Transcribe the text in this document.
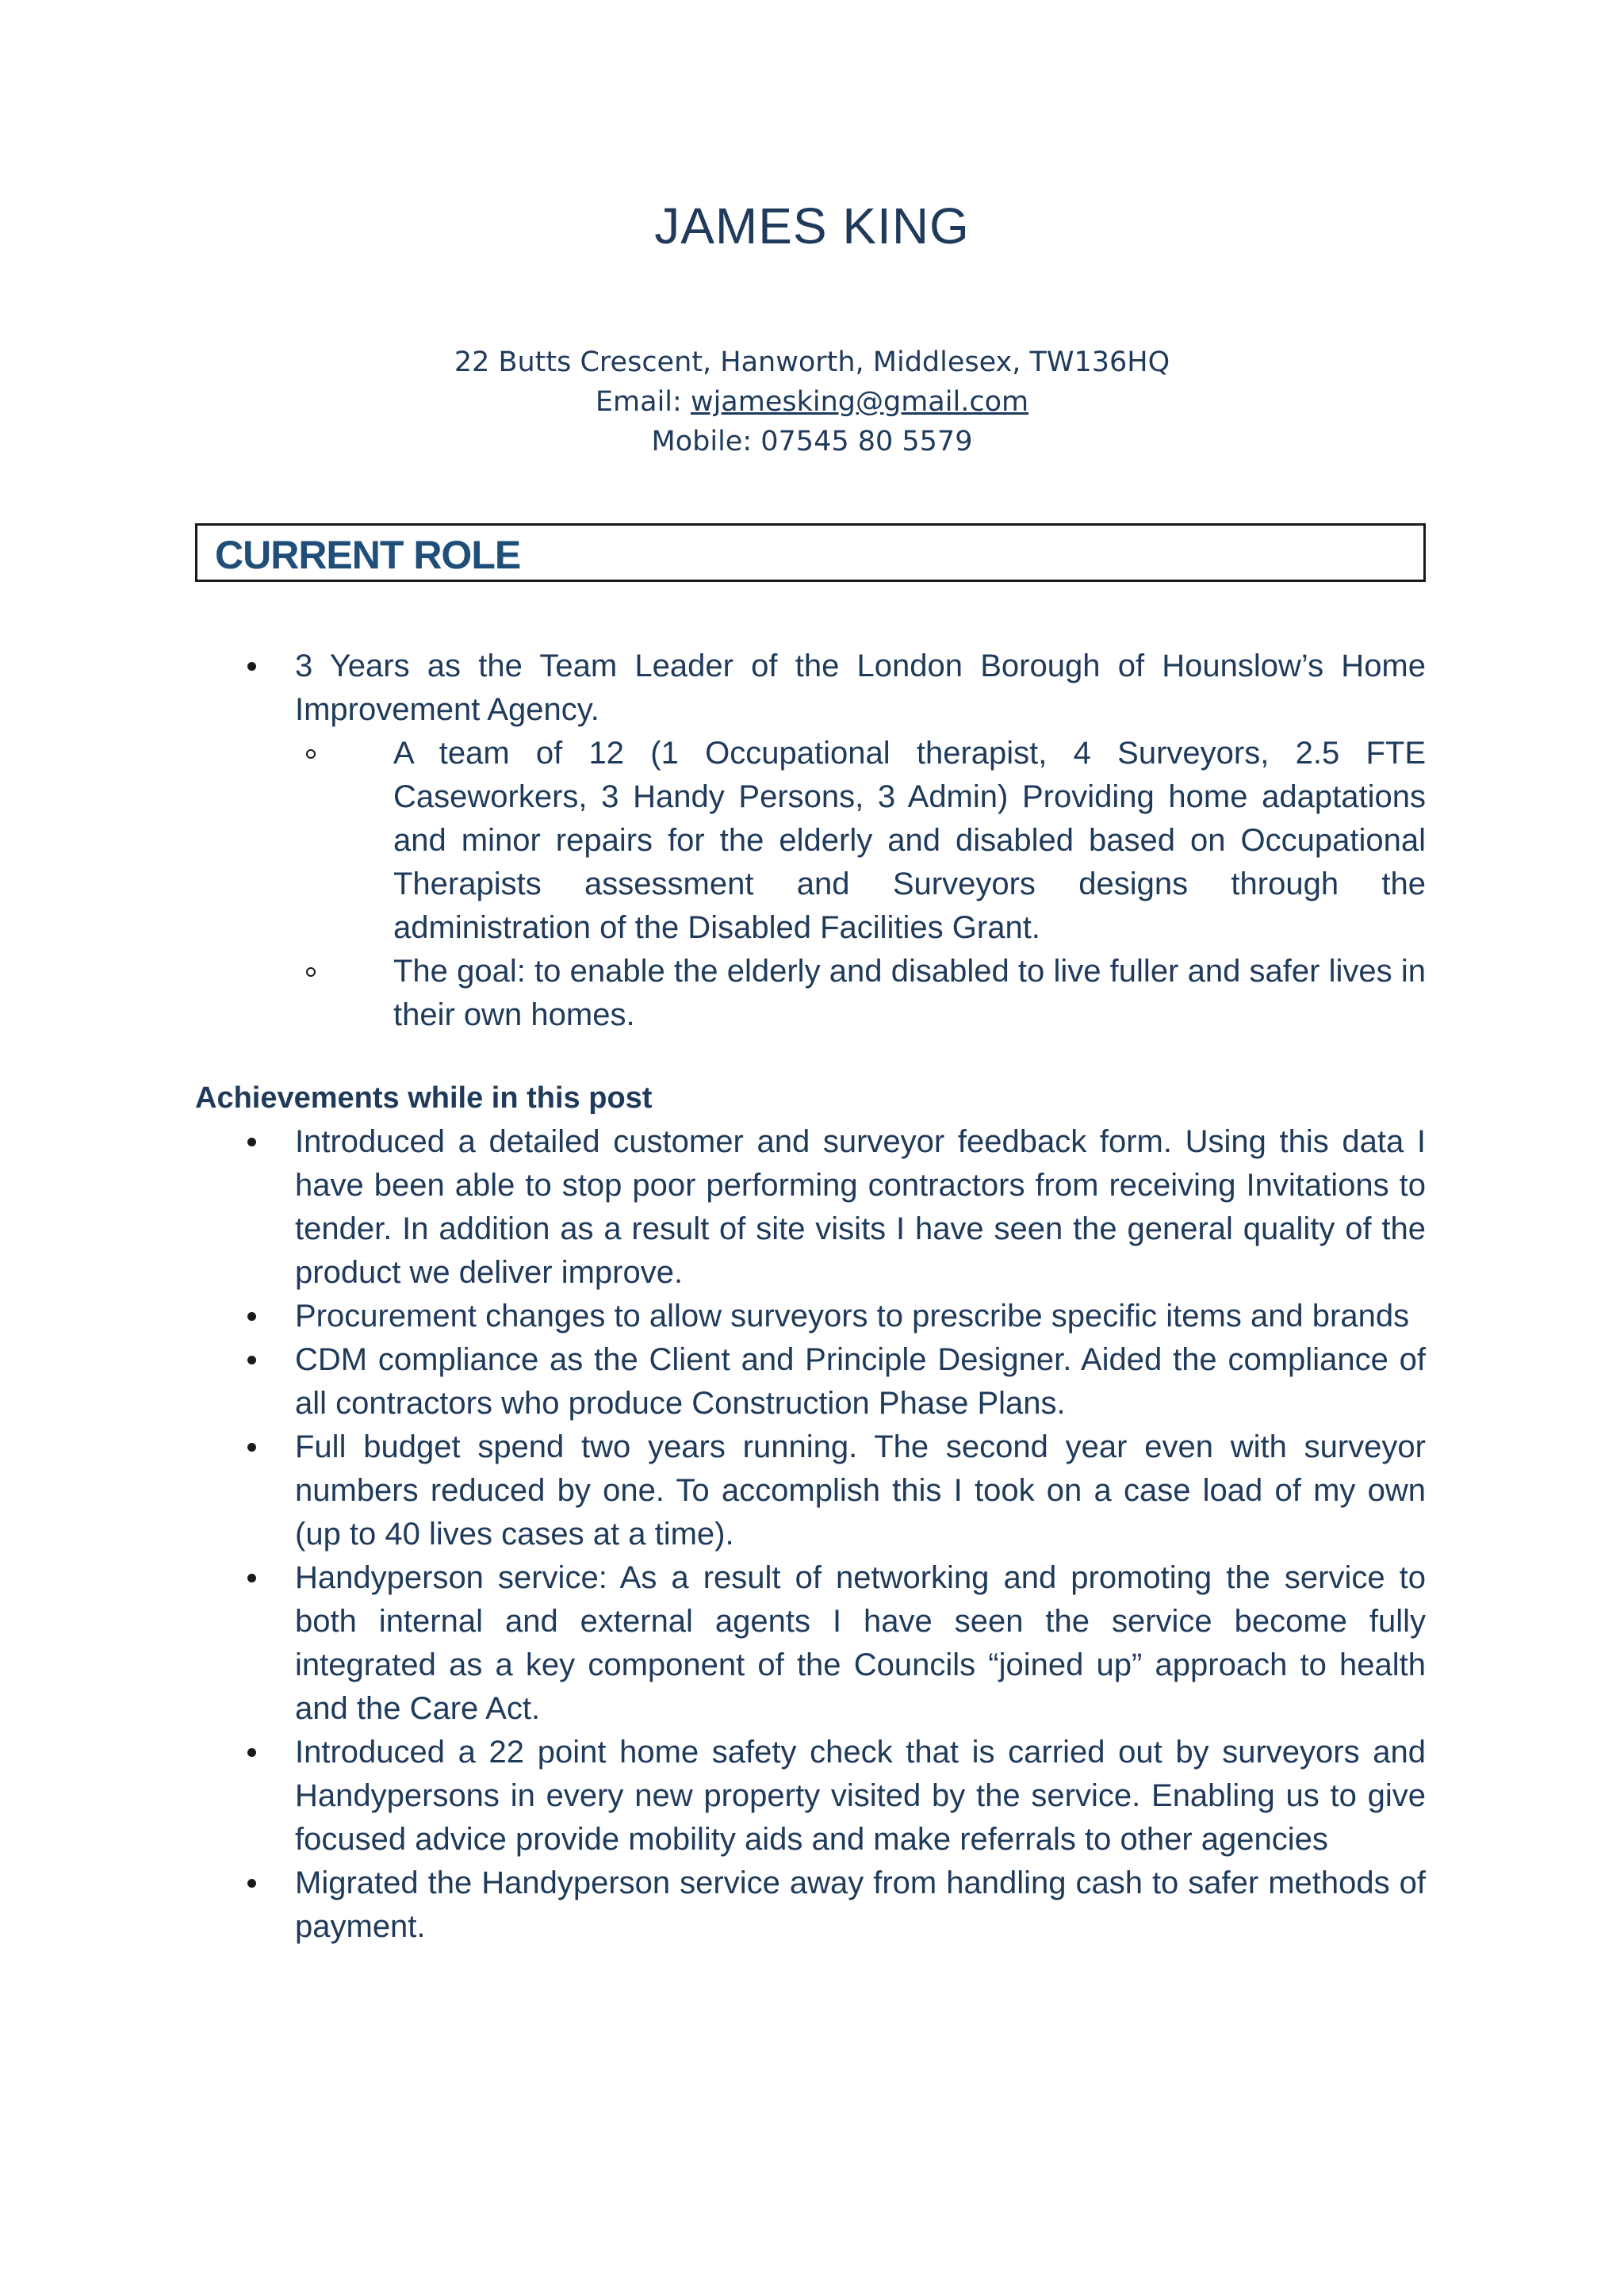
JAMES KING
22 Butts Crescent, Hanworth, Middlesex, TW136HQ
Email: wjamesking@gmail.com
Mobile: 07545 80 5579
CURRENT ROLE
3 Years as the Team Leader of the London Borough of Hounslow’s Home Improvement Agency.
A team of 12 (1 Occupational therapist, 4 Surveyors, 2.5 FTE Caseworkers, 3 Handy Persons, 3 Admin) Providing home adaptations and minor repairs for the elderly and disabled based on Occupational Therapists assessment and Surveyors designs through the administration of the Disabled Facilities Grant.
The goal: to enable the elderly and disabled to live fuller and safer lives in their own homes.
Achievements while in this post
Introduced a detailed customer and surveyor feedback form. Using this data I have been able to stop poor performing contractors from receiving Invitations to tender. In addition as a result of site visits I have seen the general quality of the product we deliver improve.
Procurement changes to allow surveyors to prescribe specific items and brands
CDM compliance as the Client and Principle Designer. Aided the compliance of all contractors who produce Construction Phase Plans.
Full budget spend two years running. The second year even with surveyor numbers reduced by one. To accomplish this I took on a case load of my own (up to 40 lives cases at a time).
Handyperson service: As a result of networking and promoting the service to both internal and external agents I have seen the service become fully integrated as a key component of the Councils “joined up” approach to health and the Care Act.
Introduced a 22 point home safety check that is carried out by surveyors and Handypersons in every new property visited by the service. Enabling us to give focused advice provide mobility aids and make referrals to other agencies
Migrated the Handyperson service away from handling cash to safer methods of payment.
